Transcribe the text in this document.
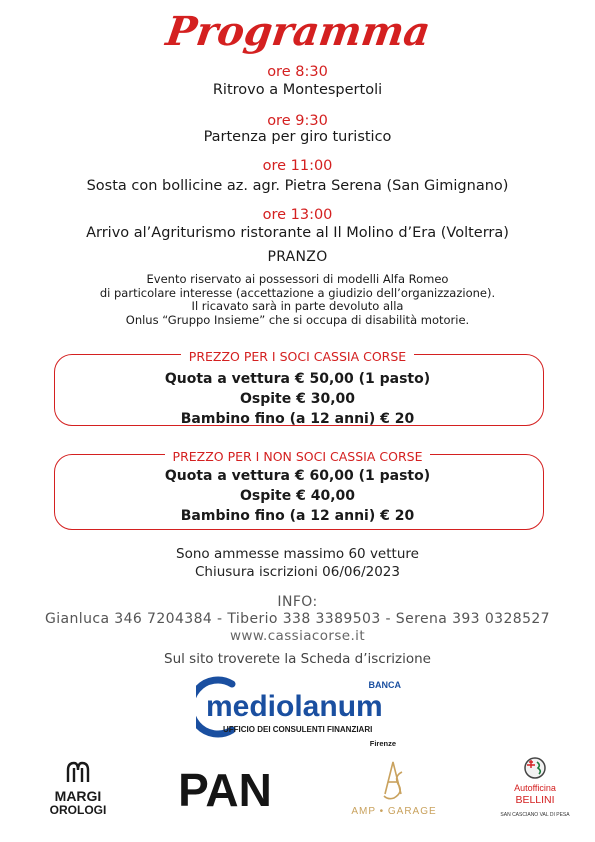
Programma
ore 8:30
Ritrovo a Montespertoli
ore 9:30
Partenza per giro turistico
ore 11:00
Sosta con bollicine az. agr. Pietra Serena (San Gimignano)
ore 13:00
Arrivo al’Agriturismo ristorante al Il Molino d’Era (Volterra)
PRANZO
Evento riservato ai possessori di modelli Alfa Romeo
di particolare interesse (accettazione a giudizio dell’organizzazione).
Il ricavato sarà in parte devoluto alla
Onlus “Gruppo Insieme” che si occupa di disabilità motorie.
PREZZO PER I SOCI CASSIA CORSE
Quota a vettura € 50,00 (1 pasto)
Ospite € 30,00
Bambino fino (a 12 anni) € 20
PREZZO PER I NON SOCI CASSIA CORSE
Quota a vettura € 60,00 (1 pasto)
Ospite € 40,00
Bambino fino (a 12 anni) € 20
Sono ammesse massimo 60 vetture
Chiusura iscrizioni 06/06/2023
INFO:
Gianluca 346 7204384 - Tiberio 338 3389503 - Serena 393 0328527
www.cassiacorse.it
Sul sito troverete la Scheda d’iscrizione
BANCA
mediolanum
UFFICIO DEI CONSULENTI FINANZIARI
Firenze
MARGI
OROLOGI PAN	AMP • GARAGE
Autofficina
BELLINI
SAN CASCIANO VAL DI PESA
